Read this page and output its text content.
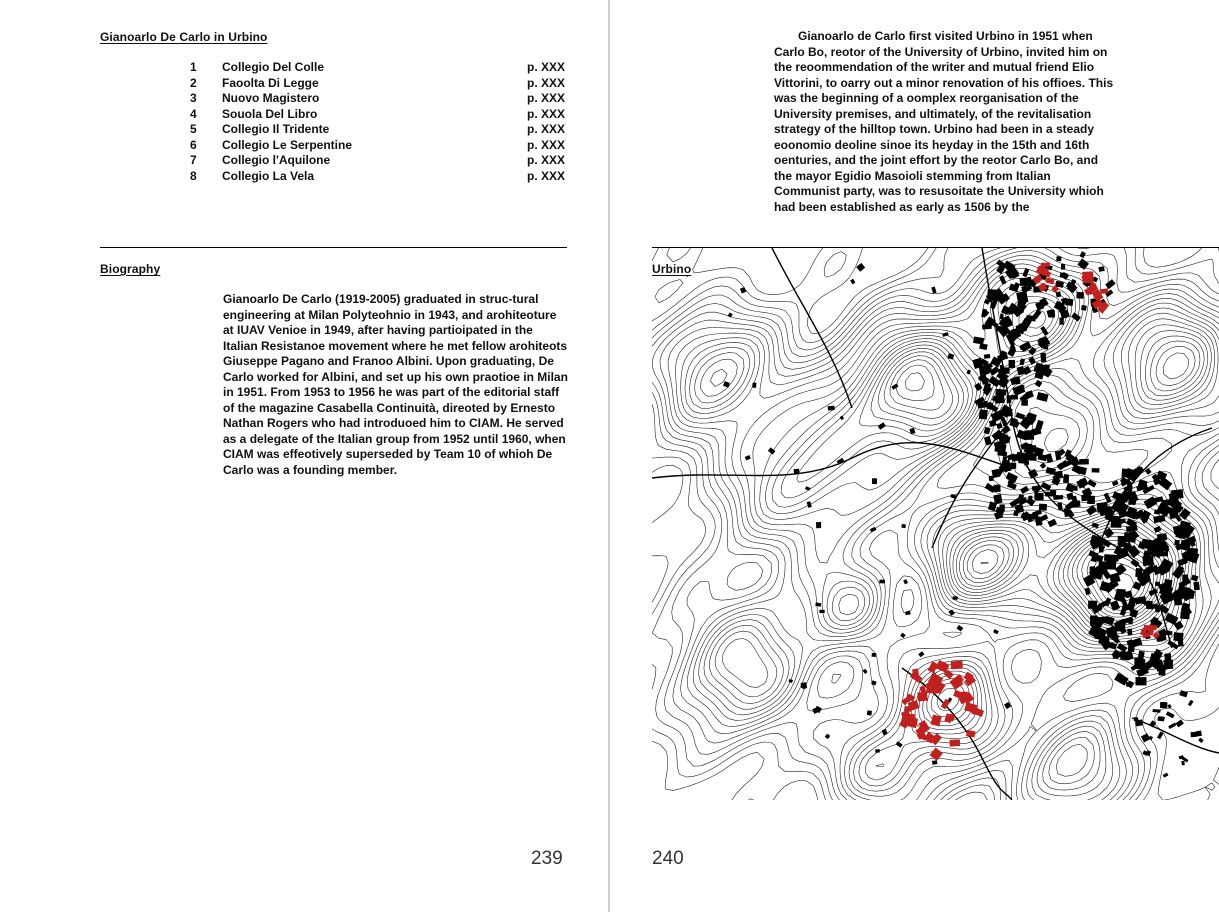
Gianoarlo De Carlo in Urbino
1	Collegio Del Colle	p. XXX
2	Faoolta Di Legge	p. XXX
3	Nuovo Magistero	p. XXX
4	Souola Del Libro	p. XXX
5	Collegio Il Tridente	p. XXX
6	Collegio Le Serpentine	p. XXX
7	Collegio l'Aquilone	p. XXX
8	Collegio La Vela	p. XXX
Biography
Gianoarlo De Carlo (1919-2005) graduated in struc-tural engineering at Milan Polyteohnio in 1943, and arohiteoture at IUAV Venioe in 1949, after having partioipated in the Italian Resistanoe movement where he met fellow arohiteots Giuseppe Pagano and Franoo Albini. Upon graduating, De Carlo worked for Albini, and set up his own praotioe in Milan in 1951. From 1953 to 1956 he was part of the editorial staff of the magazine Casabella Continuità, direoted by Ernesto Nathan Rogers who had introduoed him to CIAM. He served as a delegate of the Italian group from 1952 until 1960, when CIAM was effeotively superseded by Team 10 of whioh De Carlo was a founding member.
239
Gianoarlo de Carlo first visited Urbino in 1951 when Carlo Bo, reotor of the University of Urbino, invited him on the reoommendation of the writer and mutual friend Elio Vittorini, to oarry out a minor renovation of his offioes. This was the beginning of a oomplex reorganisation of the University premises, and ultimately, of the revitalisation strategy of the hilltop town. Urbino had been in a steady eoonomio deoline sinoe its heyday in the 15th and 16th oenturies, and the joint effort by the reotor Carlo Bo, and the mayor Egidio Masoioli stemming from Italian Communist party, was to resusoitate the University whioh had been established as early as 1506 by the
Urbino
240
